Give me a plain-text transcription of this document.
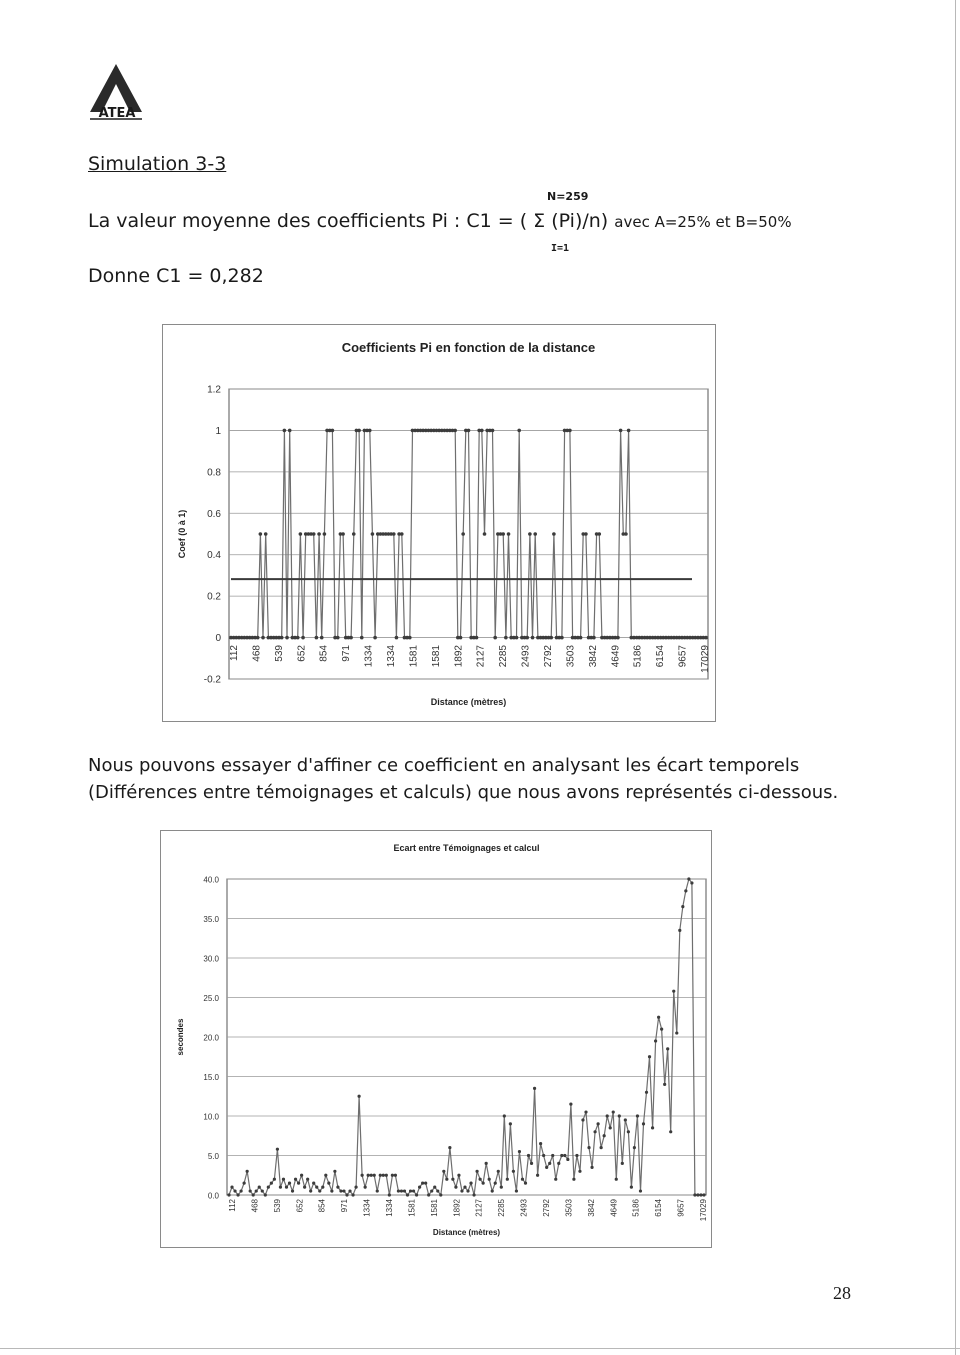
ATEA
Simulation 3-3
N=259
La valeur moyenne des coefficients Pi : C1 = ( Σ (Pi)/n) avec A=25% et B=50%
I=1
Donne C1 = 0,282
Coefficients Pi en fonction de la distance
1.2
1
0.8
0.6
0.4
0.2
0
-0.2
Coef (0 à 1)
112 468 539 652 854 971 1334 1334 1581 1581 1892 2127 2285 2493 2792 3503 3842 4649 5186 6154 9657 17029
Distance (mètres)
Nous pouvons essayer d'affiner ce coefficient en analysant les écart temporels (Différences entre témoignages et calculs) que nous avons représentés ci-dessous.
Ecart entre Témoignages et calcul
40.0
35.0
30.0
25.0
20.0
15.0
10.0
5.0
0.0
secondes
112 468 539 652 854 971 1334 1334 1581 1581 1892 2127 2285 2493 2792 3503 3842 4649 5186 6154 9657 17029
Distance (mètres)
28
